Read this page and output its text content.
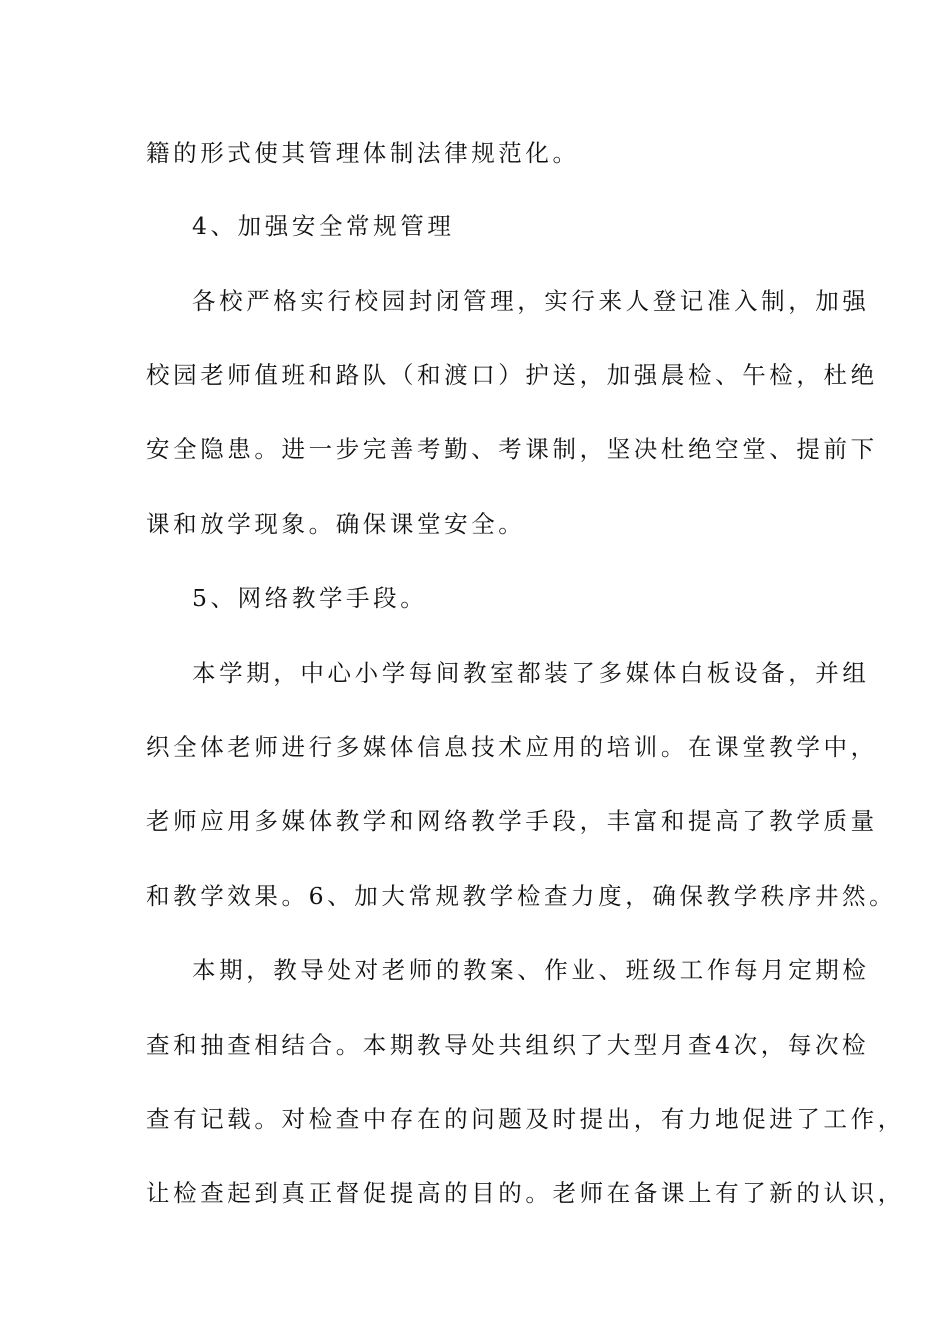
籍的形式使其管理体制法律规范化。
4、加强安全常规管理
各校严格实行校园封闭管理，实行来人登记准入制，加强
校园老师值班和路队（和渡口）护送，加强晨检、午检，杜绝
安全隐患。进一步完善考勤、考课制，坚决杜绝空堂、提前下
课和放学现象。确保课堂安全。
5、网络教学手段。
本学期，中心小学每间教室都装了多媒体白板设备，并组
织全体老师进行多媒体信息技术应用的培训。在课堂教学中，
老师应用多媒体教学和网络教学手段，丰富和提高了教学质量
和教学效果。6、加大常规教学检查力度，确保教学秩序井然。
本期，教导处对老师的教案、作业、班级工作每月定期检
查和抽查相结合。本期教导处共组织了大型月查4次，每次检
查有记载。对检查中存在的问题及时提出，有力地促进了工作，
让检查起到真正督促提高的目的。老师在备课上有了新的认识，
